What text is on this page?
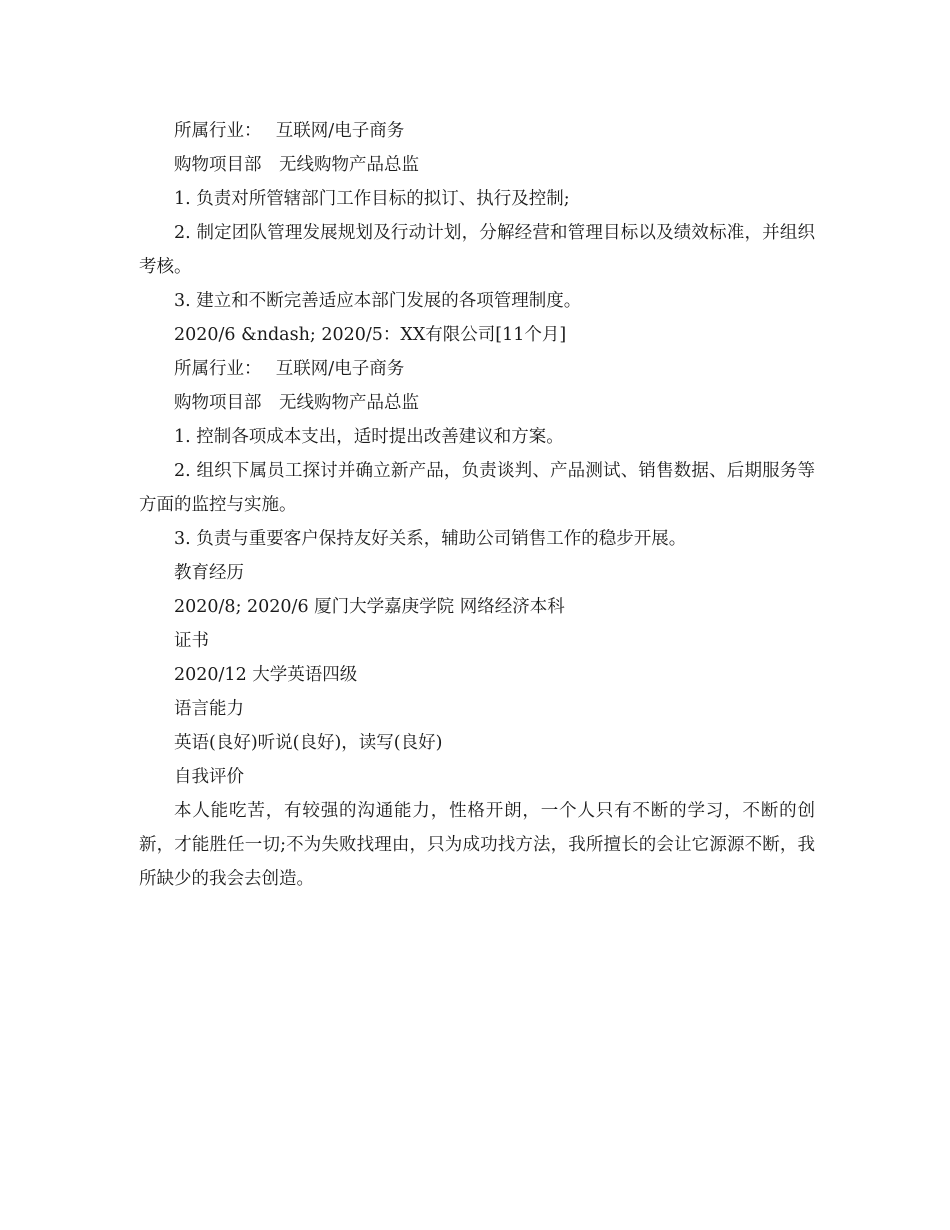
所属行业：　 互联网/电子商务

购物项目部　无线购物产品总监

1. 负责对所管辖部门工作目标的拟订、执行及控制;

2. 制定团队管理发展规划及行动计划，分解经营和管理目标以及绩效标准，并组织考核。

3. 建立和不断完善适应本部门发展的各项管理制度。

2020/6 &ndash; 2020/5：XX有限公司[11个月]

所属行业：　 互联网/电子商务

购物项目部　无线购物产品总监

1. 控制各项成本支出，适时提出改善建议和方案。

2. 组织下属员工探讨并确立新产品，负责谈判、产品测试、销售数据、后期服务等方面的监控与实施。

3. 负责与重要客户保持友好关系，辅助公司销售工作的稳步开展。

教育经历

2020/8; 2020/6 厦门大学嘉庚学院 网络经济本科

证书

2020/12 大学英语四级

语言能力

英语(良好)听说(良好)，读写(良好)

自我评价

本人能吃苦，有较强的沟通能力，性格开朗，一个人只有不断的学习，不断的创新，才能胜任一切;不为失败找理由，只为成功找方法，我所擅长的会让它源源不断，我所缺少的我会去创造。
